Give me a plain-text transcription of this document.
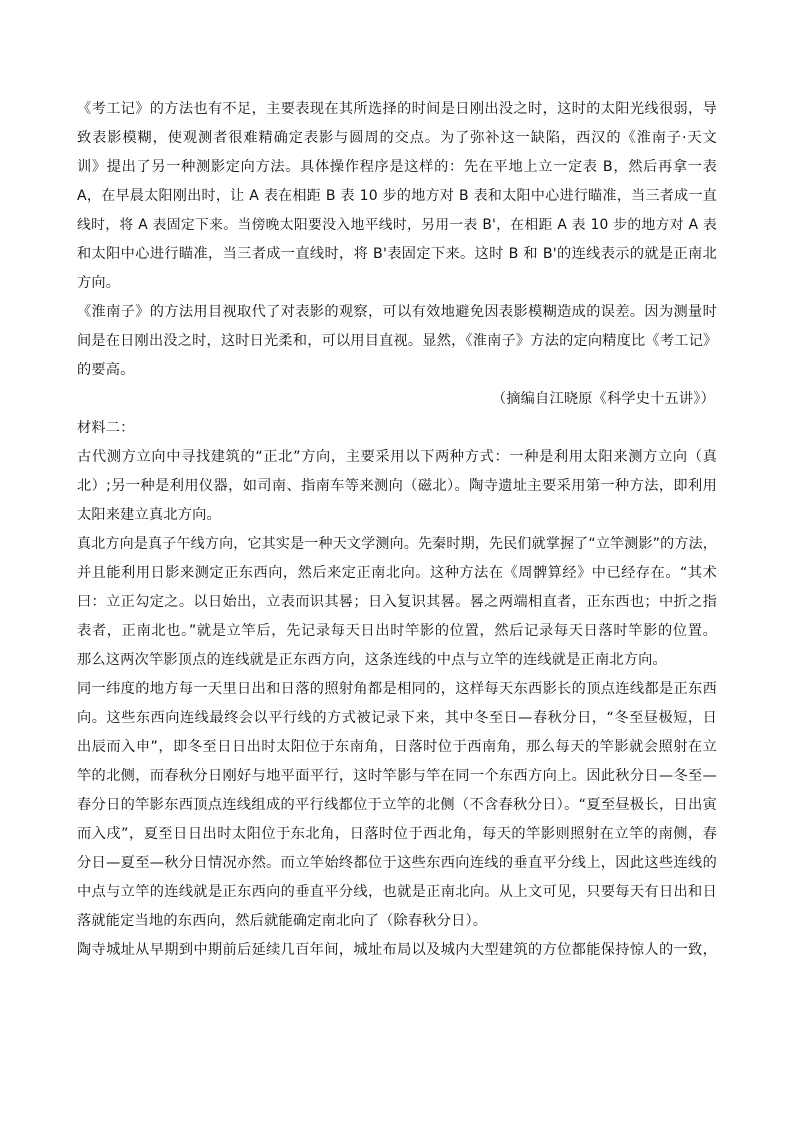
《考工记》的方法也有不足，主要表现在其所选择的时间是日刚出没之时，这时的太阳光线很弱，导
致表影模糊，使观测者很难精确定表影与圆周的交点。为了弥补这一缺陷，西汉的《淮南子·天文
训》提出了另一种测影定向方法。具体操作程序是这样的：先在平地上立一定表 B，然后再拿一表
A，在早晨太阳刚出时，让 A 表在相距 B 表 10 步的地方对 B 表和太阳中心进行瞄准，当三者成一直
线时，将 A 表固定下来。当傍晚太阳要没入地平线时，另用一表 B'，在相距 A 表 10 步的地方对 A 表
和太阳中心进行瞄准，当三者成一直线时，将 B'表固定下来。这时 B 和 B'的连线表示的就是正南北
方向。
《淮南子》的方法用目视取代了对表影的观察，可以有效地避免因表影模糊造成的误差。因为测量时
间是在日刚出没之时，这时日光柔和，可以用目直视。显然，《淮南子》方法的定向精度比《考工记》
的要高。
（摘编自江晓原《科学史十五讲》）
材料二：
古代测方立向中寻找建筑的“正北”方向，主要采用以下两种方式：一种是利用太阳来测方立向（真
北）;另一种是利用仪器，如司南、指南车等来测向（磁北）。陶寺遗址主要采用第一种方法，即利用
太阳来建立真北方向。
真北方向是真子午线方向，它其实是一种天文学测向。先秦时期，先民们就掌握了“立竿测影”的方法，
并且能利用日影来测定正东西向，然后来定正南北向。这种方法在《周髀算经》中已经存在。“其术
曰：立正勾定之。以日始出，立表而识其晷；日入复识其晷。晷之两端相直者，正东西也；中折之指
表者，正南北也。”就是立竿后，先记录每天日出时竿影的位置，然后记录每天日落时竿影的位置。
那么这两次竿影顶点的连线就是正东西方向，这条连线的中点与立竿的连线就是正南北方向。
同一纬度的地方每一天里日出和日落的照射角都是相同的，这样每天东西影长的顶点连线都是正东西
向。这些东西向连线最终会以平行线的方式被记录下来，其中冬至日—春秋分日，“冬至昼极短，日
出辰而入申”，即冬至日日出时太阳位于东南角，日落时位于西南角，那么每天的竿影就会照射在立
竿的北侧，而春秋分日刚好与地平面平行，这时竿影与竿在同一个东西方向上。因此秋分日—冬至—
春分日的竿影东西顶点连线组成的平行线都位于立竿的北侧（不含春秋分日）。“夏至昼极长，日出寅
而入戌”，夏至日日出时太阳位于东北角，日落时位于西北角，每天的竿影则照射在立竿的南侧，春
分日—夏至—秋分日情况亦然。而立竿始终都位于这些东西向连线的垂直平分线上，因此这些连线的
中点与立竿的连线就是正东西向的垂直平分线，也就是正南北向。从上文可见，只要每天有日出和日
落就能定当地的东西向，然后就能确定南北向了（除春秋分日）。
陶寺城址从早期到中期前后延续几百年间，城址布局以及城内大型建筑的方位都能保持惊人的一致，
